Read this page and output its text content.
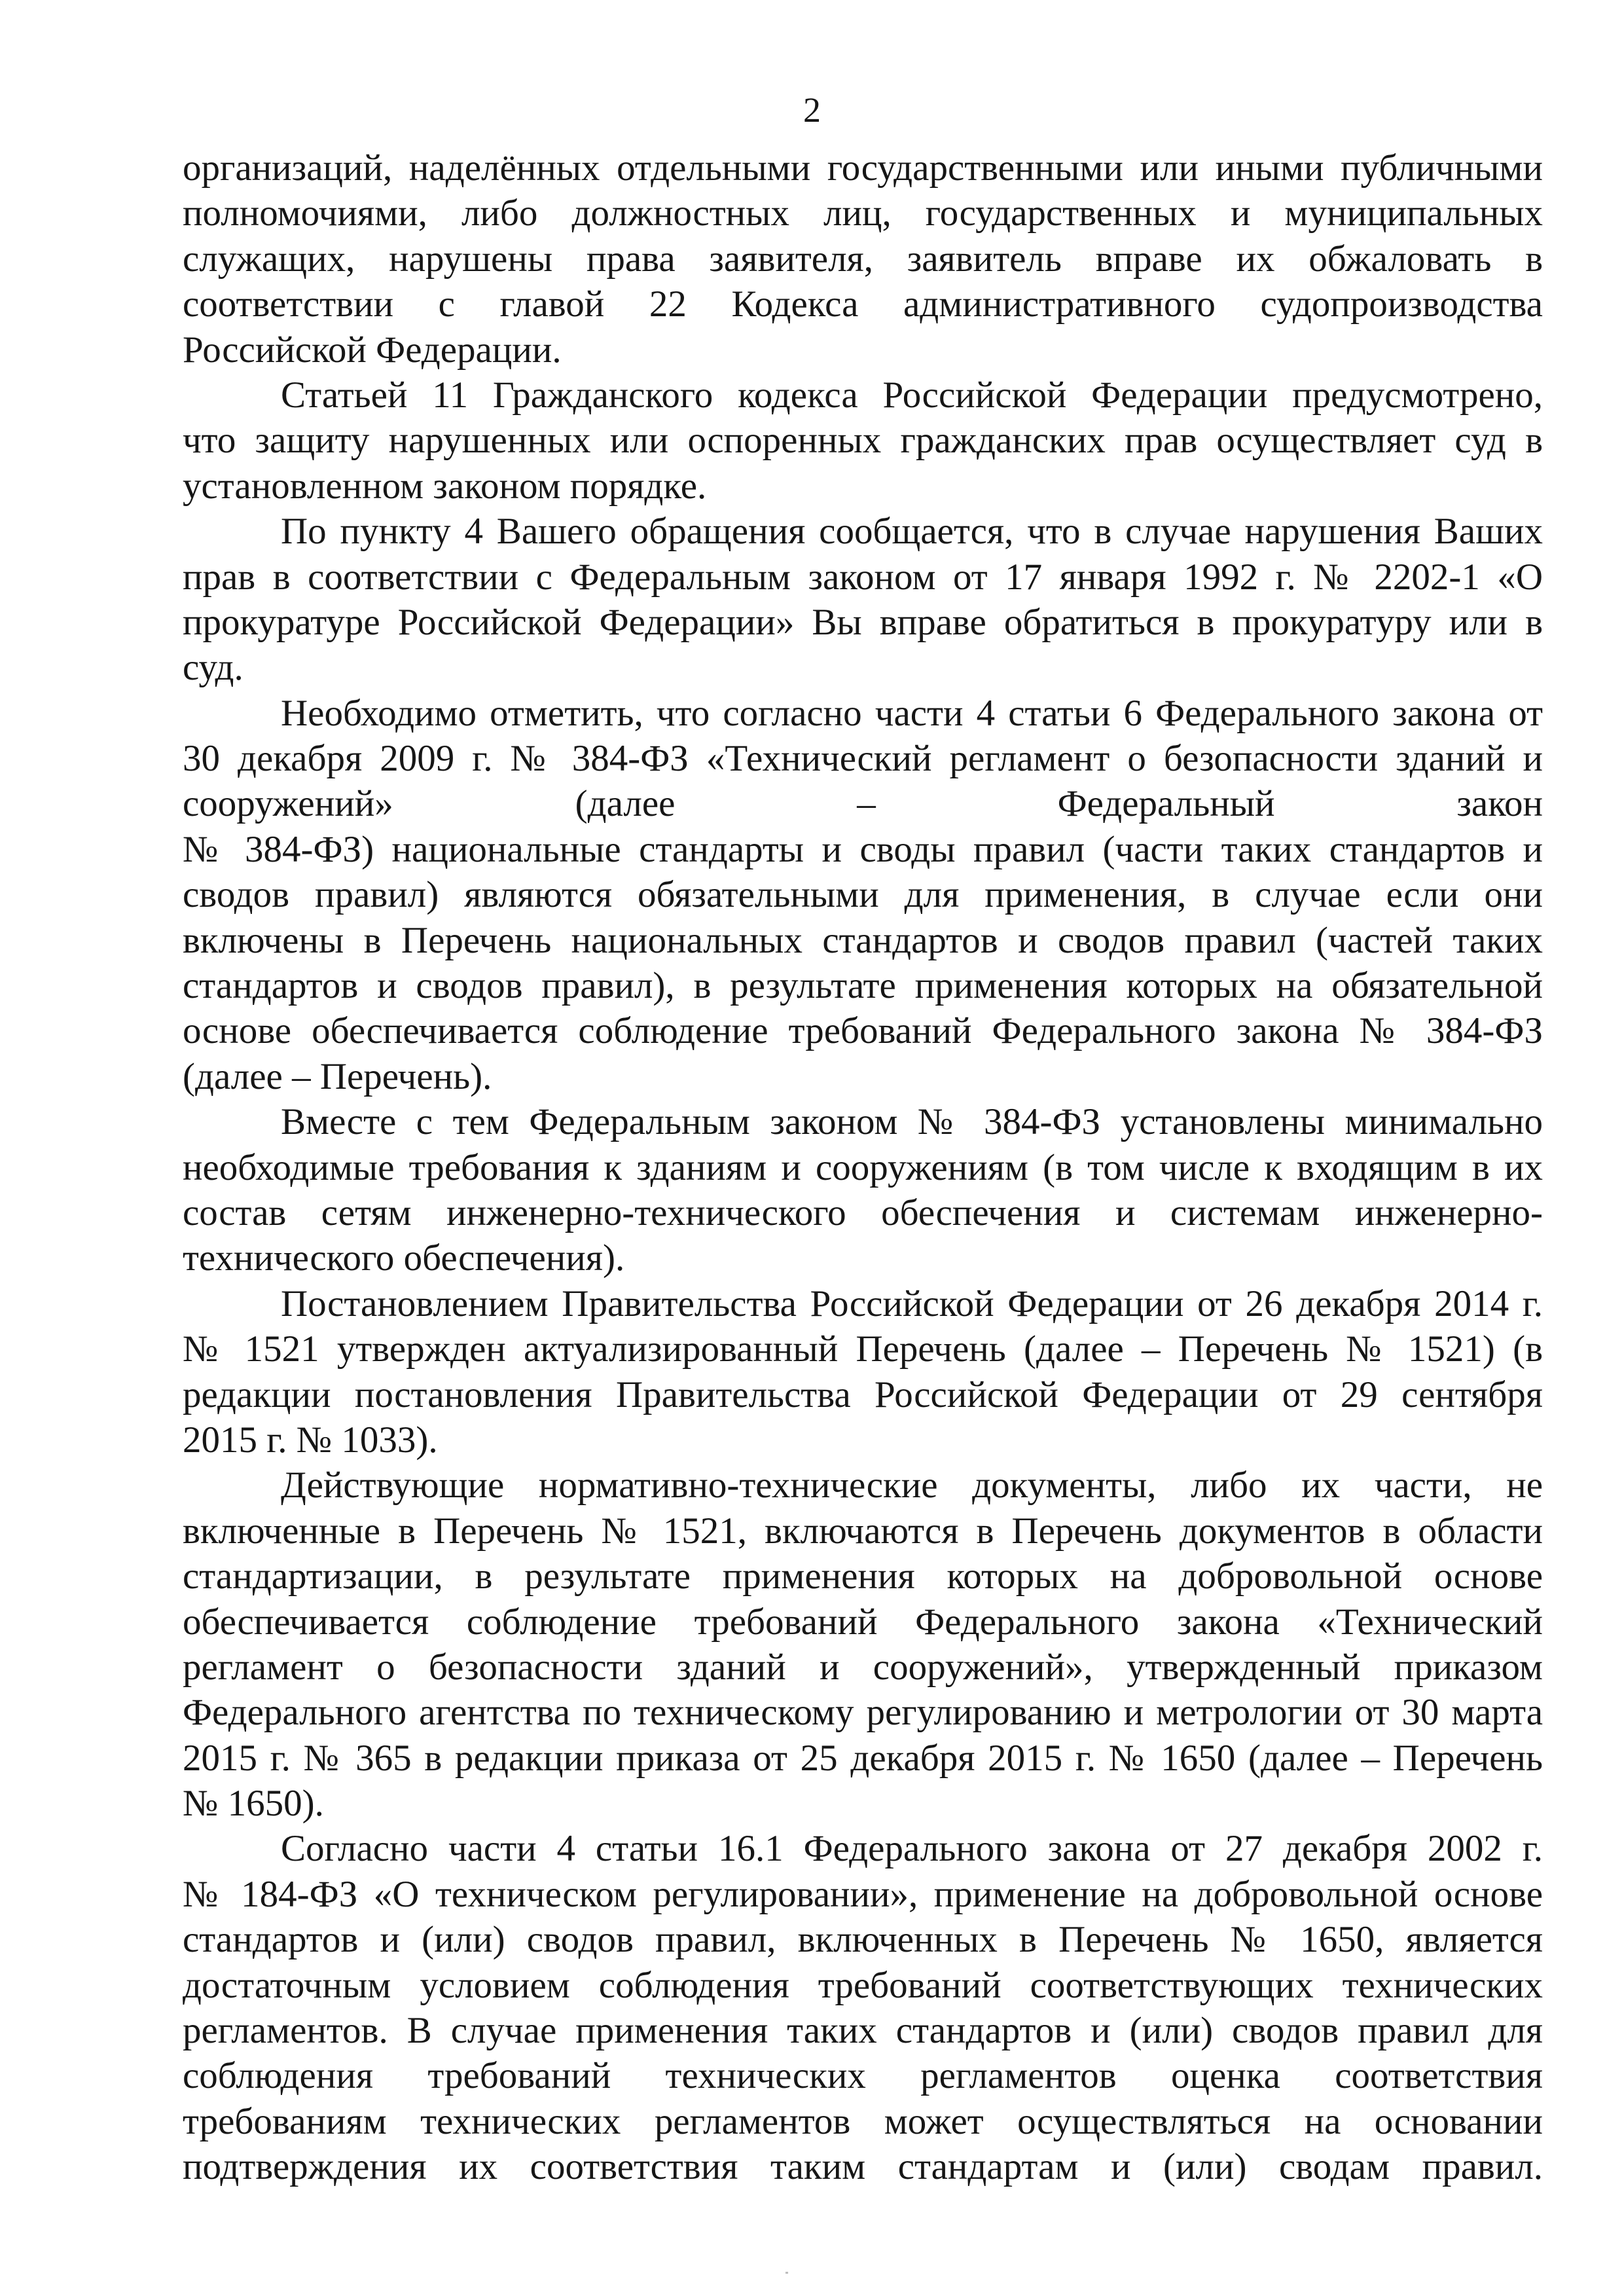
2
организаций, наделённых отдельными государственными или иными публичными
полномочиями, либо должностных лиц, государственных и муниципальных
служащих, нарушены права заявителя, заявитель вправе их обжаловать в
соответствии с главой 22 Кодекса административного судопроизводства
Российской Федерации.
Статьей 11 Гражданского кодекса Российской Федерации предусмотрено,
что защиту нарушенных или оспоренных гражданских прав осуществляет суд в
установленном законом порядке.
По пункту 4 Вашего обращения сообщается, что в случае нарушения Ваших
прав в соответствии с Федеральным законом от 17 января 1992 г. № 2202-1 «О
прокуратуре Российской Федерации» Вы вправе обратиться в прокуратуру или в
суд.
Необходимо отметить, что согласно части 4 статьи 6 Федерального закона от
30 декабря 2009 г. № 384-ФЗ «Технический регламент о безопасности зданий и
сооружений» (далее – Федеральный закон
№ 384-ФЗ) национальные стандарты и своды правил (части таких стандартов и
сводов правил) являются обязательными для применения, в случае если они
включены в Перечень национальных стандартов и сводов правил (частей таких
стандартов и сводов правил), в результате применения которых на обязательной
основе обеспечивается соблюдение требований Федерального закона № 384-ФЗ
(далее – Перечень).
Вместе с тем Федеральным законом № 384-ФЗ установлены минимально
необходимые требования к зданиям и сооружениям (в том числе к входящим в их
состав сетям инженерно-технического обеспечения и системам инженерно-
технического обеспечения).
Постановлением Правительства Российской Федерации от 26 декабря 2014 г.
№ 1521 утвержден актуализированный Перечень (далее – Перечень № 1521) (в
редакции постановления Правительства Российской Федерации от 29 сентября
2015 г. № 1033).
Действующие нормативно-технические документы, либо их части, не
включенные в Перечень № 1521, включаются в Перечень документов в области
стандартизации, в результате применения которых на добровольной основе
обеспечивается соблюдение требований Федерального закона «Технический
регламент о безопасности зданий и сооружений», утвержденный приказом
Федерального агентства по техническому регулированию и метрологии от 30 марта
2015 г. № 365 в редакции приказа от 25 декабря 2015 г. № 1650 (далее – Перечень
№ 1650).
Согласно части 4 статьи 16.1 Федерального закона от 27 декабря 2002 г.
№ 184-ФЗ «О техническом регулировании», применение на добровольной основе
стандартов и (или) сводов правил, включенных в Перечень № 1650, является
достаточным условием соблюдения требований соответствующих технических
регламентов. В случае применения таких стандартов и (или) сводов правил для
соблюдения требований технических регламентов оценка соответствия
требованиям технических регламентов может осуществляться на основании
подтверждения их соответствия таким стандартам и (или) сводам правил.
